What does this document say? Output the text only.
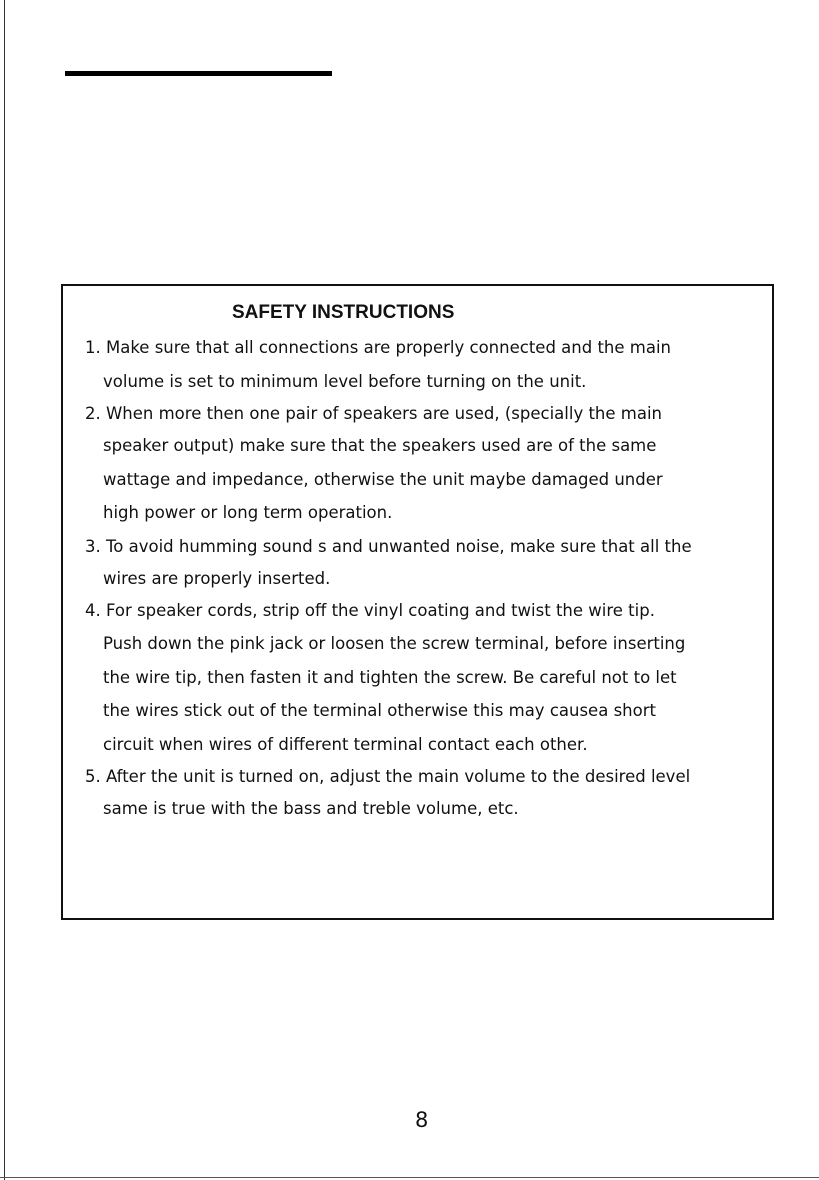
SAFETY INSTRUCTIONS
1. Make sure that all connections are properly connected and the main
volume is set to minimum level before turning on the unit.
2. When more then one pair of speakers are used, (specially the main
speaker output) make sure that the speakers used are of the same
wattage and impedance, otherwise the unit maybe damaged under
high power or long term operation.
3. To avoid humming sound s and unwanted noise, make sure that all the
wires are properly inserted.
4. For speaker cords, strip off the vinyl coating and twist the wire tip.
Push down the pink jack or loosen the screw terminal, before inserting
the wire tip, then fasten it and tighten the screw. Be careful not to let
the wires stick out of the terminal otherwise this may causea short
circuit when wires of different terminal contact each other.
5. After the unit is turned on, adjust the main volume to the desired level
same is true with the bass and treble volume, etc.
8
